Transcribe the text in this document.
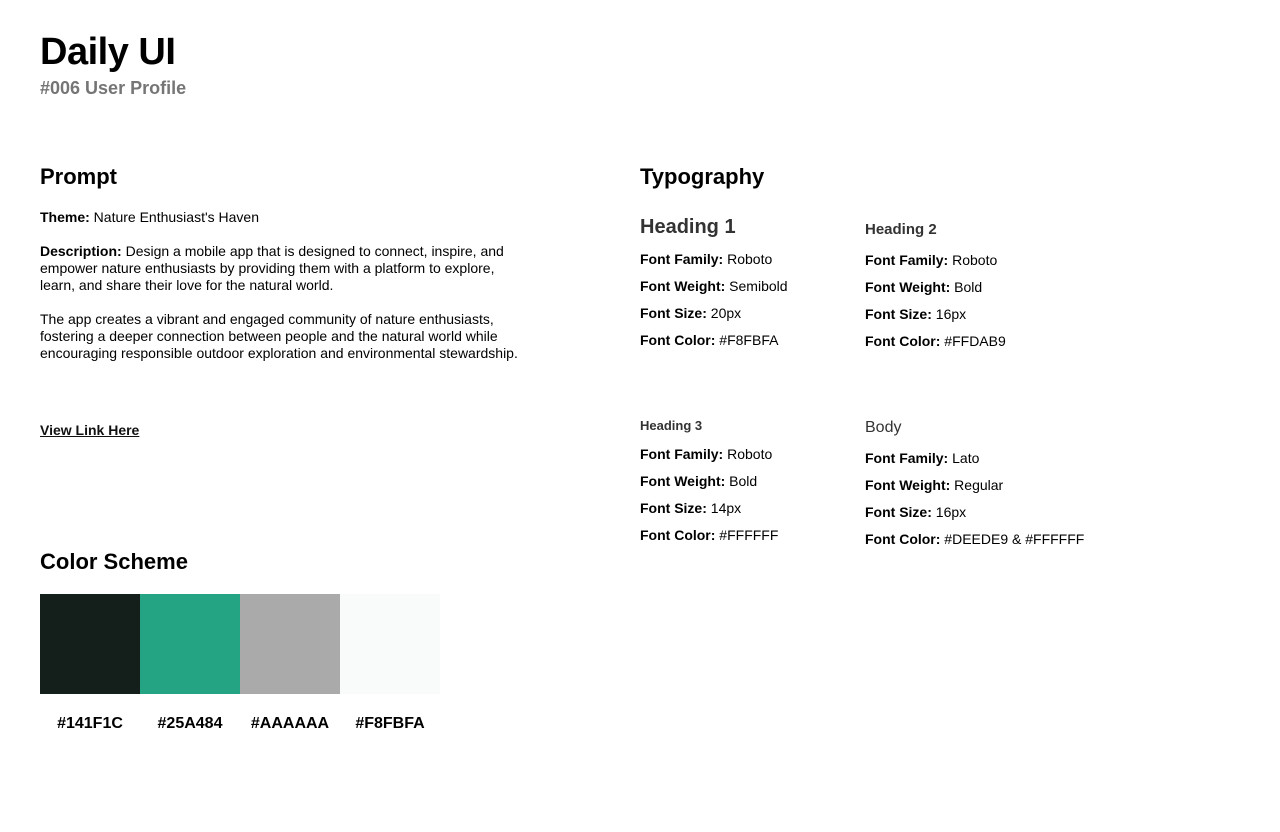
Daily UI
#006 User Profile
Prompt

Theme: Nature Enthusiast's Haven

Description: Design a mobile app that is designed to connect, inspire, and empower nature enthusiasts by providing them with a platform to explore, learn, and share their love for the natural world.

The app creates a vibrant and engaged community of nature enthusiasts, fostering a deeper connection between people and the natural world while encouraging responsible outdoor exploration and environmental stewardship.

View Link Here
Color Scheme
#141F1C #25A484 #AAAAAA #F8FBFA
Typography
Heading 1
Font Family: Roboto
Font Weight: Semibold
Font Size: 20px
Font Color: #F8FBFA
Heading 2
Font Family: Roboto
Font Weight: Bold
Font Size: 16px
Font Color: #FFDAB9
Heading 3
Font Family: Roboto
Font Weight: Bold
Font Size: 14px
Font Color: #FFFFFF
Body
Font Family: Lato
Font Weight: Regular
Font Size: 16px
Font Color: #DEEDE9 & #FFFFFF
